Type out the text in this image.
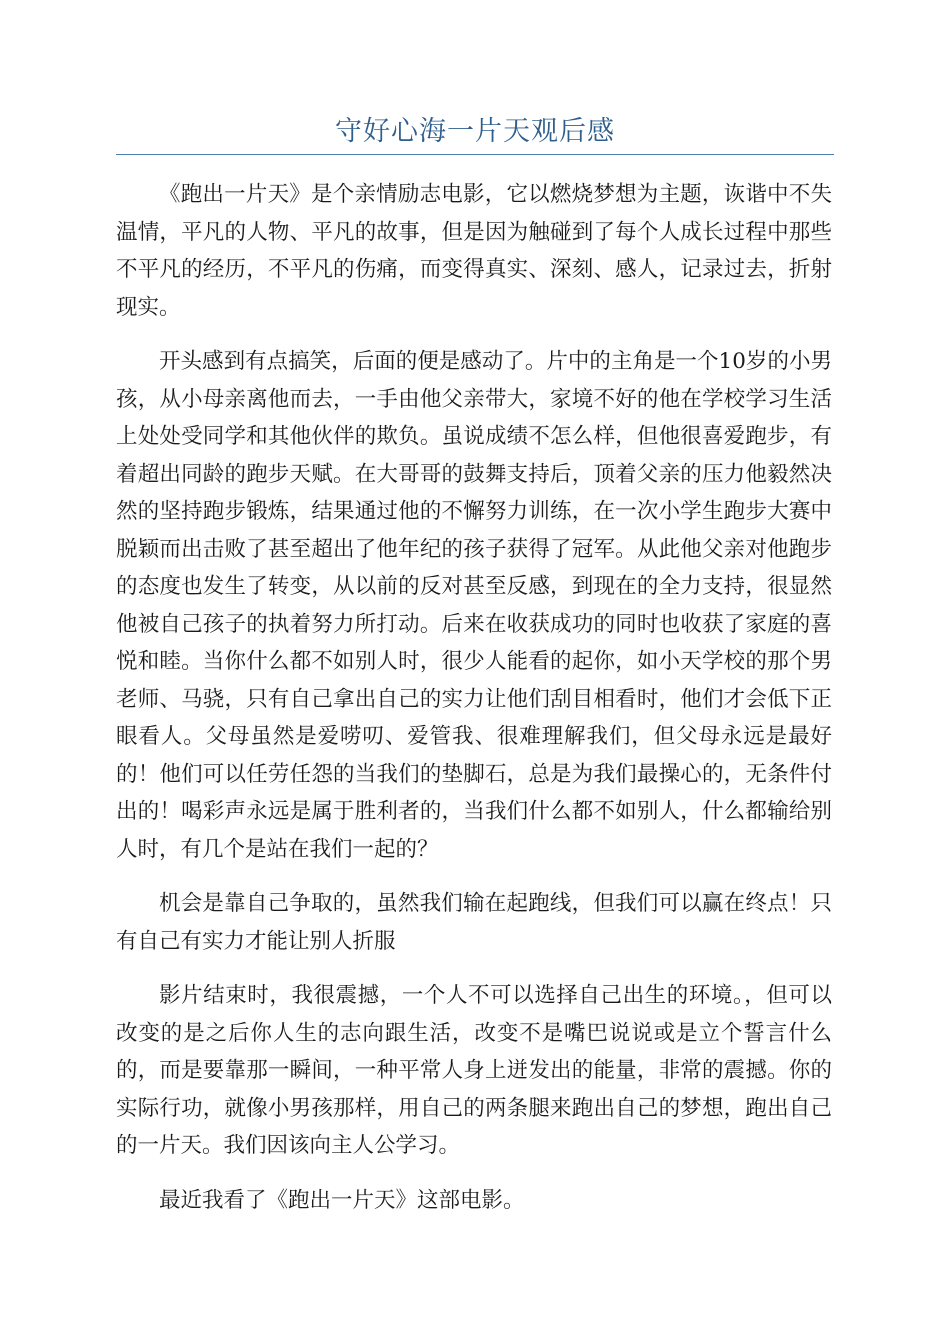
守好心海一片天观后感

《跑出一片天》是个亲情励志电影，它以燃烧梦想为主题，诙谐中不失温情，平凡的人物、平凡的故事，但是因为触碰到了每个人成长过程中那些不平凡的经历，不平凡的伤痛，而变得真实、深刻、感人，记录过去，折射现实。

开头感到有点搞笑，后面的便是感动了。片中的主角是一个10岁的小男孩，从小母亲离他而去，一手由他父亲带大，家境不好的他在学校学习生活上处处受同学和其他伙伴的欺负。虽说成绩不怎么样，但他很喜爱跑步，有着超出同龄的跑步天赋。在大哥哥的鼓舞支持后，顶着父亲的压力他毅然决然的坚持跑步锻炼，结果通过他的不懈努力训练，在一次小学生跑步大赛中脱颖而出击败了甚至超出了他年纪的孩子获得了冠军。从此他父亲对他跑步的态度也发生了转变，从以前的反对甚至反感，到现在的全力支持，很显然他被自己孩子的执着努力所打动。后来在收获成功的同时也收获了家庭的喜悦和睦。当你什么都不如别人时，很少人能看的起你，如小天学校的那个男老师、马骁，只有自己拿出自己的实力让他们刮目相看时，他们才会低下正眼看人。父母虽然是爱唠叨、爱管我、很难理解我们，但父母永远是最好的！他们可以任劳任怨的当我们的垫脚石，总是为我们最操心的，无条件付出的！喝彩声永远是属于胜利者的，当我们什么都不如别人，什么都输给别人时，有几个是站在我们一起的？

机会是靠自己争取的，虽然我们输在起跑线，但我们可以赢在终点！只有自己有实力才能让别人折服

影片结束时，我很震撼，一个人不可以选择自己出生的环境。，但可以改变的是之后你人生的志向跟生活，改变不是嘴巴说说或是立个誓言什么的，而是要靠那一瞬间，一种平常人身上迸发出的能量，非常的震撼。你的实际行功，就像小男孩那样，用自己的两条腿来跑出自己的梦想，跑出自己的一片天。我们因该向主人公学习。

最近我看了《跑出一片天》这部电影。
